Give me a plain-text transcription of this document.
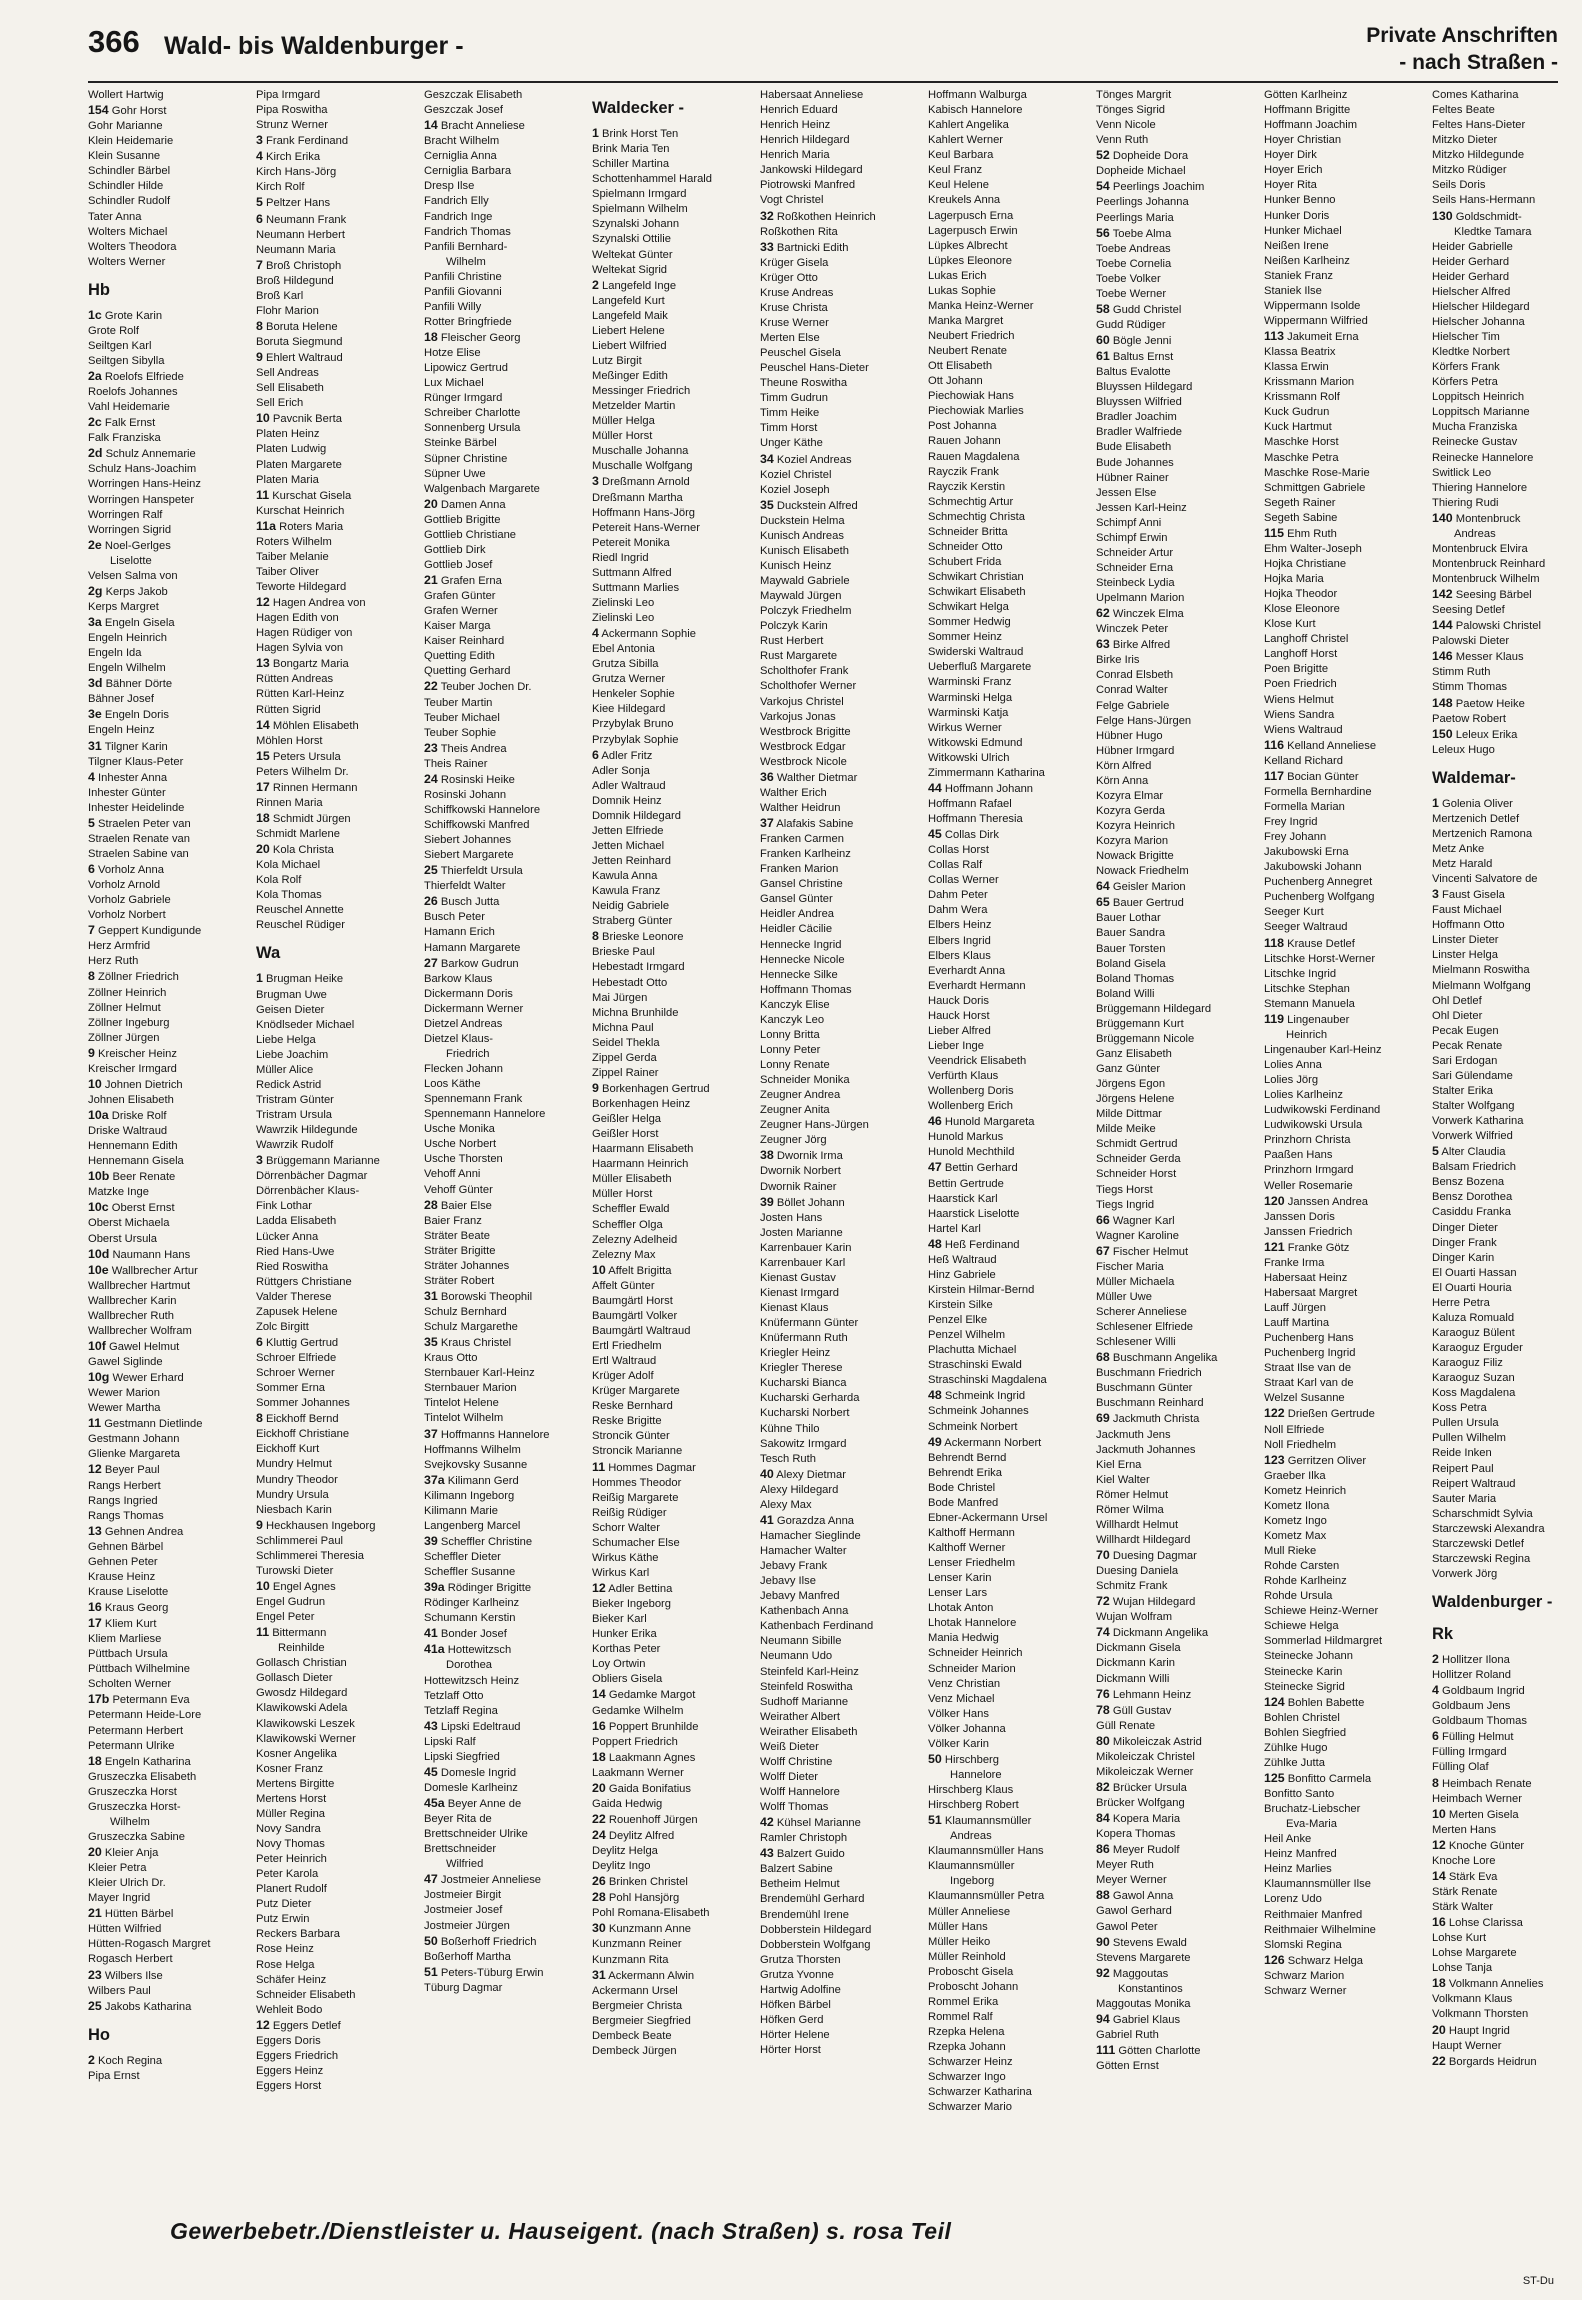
366 Wald- bis Waldenburger -	Private Anschriften
- nach Straßen -
Wollert Hartwig
154 Gohr Horst
Gohr Marianne
Klein Heidemarie
Klein Susanne
Schindler Bärbel
Schindler Hilde
Schindler Rudolf
Tater Anna
Wolters Michael
Wolters Theodora
Wolters Werner
Hb
1c Grote Karin
Grote Rolf
Seiltgen Karl
Seiltgen Sibylla
2a Roelofs Elfriede
Roelofs Johannes
Vahl Heidemarie
2c Falk Ernst
Falk Franziska
2d Schulz Annemarie
Schulz Hans-Joachim
Worringen Hans-Heinz
Worringen Hanspeter
Worringen Ralf
Worringen Sigrid
2e Noel-Gerlges
Liselotte
Velsen Salma von
2g Kerps Jakob
Kerps Margret
3a Engeln Gisela
Engeln Heinrich
Engeln Ida
Engeln Wilhelm
3d Bähner Dörte
Bähner Josef
3e Engeln Doris
Engeln Heinz
31 Tilgner Karin
Tilgner Klaus-Peter
4 Inhester Anna
Inhester Günter
Inhester Heidelinde
5 Straelen Peter van
Straelen Renate van
Straelen Sabine van
6 Vorholz Anna
Vorholz Arnold
Vorholz Gabriele
Vorholz Norbert
7 Geppert Kundigunde
Herz Armfrid
Herz Ruth
8 Zöllner Friedrich
Zöllner Heinrich
Zöllner Helmut
Zöllner Ingeburg
Zöllner Jürgen
9 Kreischer Heinz
Kreischer Irmgard
10 Johnen Dietrich
Johnen Elisabeth
10a Driske Rolf
Driske Waltraud
Hennemann Edith
Hennemann Gisela
10b Beer Renate
Matzke Inge
10c Oberst Ernst
Oberst Michaela
Oberst Ursula
10d Naumann Hans
10e Wallbrecher Artur
Wallbrecher Hartmut
Wallbrecher Karin
Wallbrecher Ruth
Wallbrecher Wolfram
10f Gawel Helmut
Gawel Siglinde
10g Wewer Erhard
Wewer Marion
Wewer Martha
11 Gestmann Dietlinde
Gestmann Johann
Glienke Margareta
12 Beyer Paul
Rangs Herbert
Rangs Ingried
Rangs Thomas
13 Gehnen Andrea
Gehnen Bärbel
Gehnen Peter
Krause Heinz
Krause Liselotte
16 Kraus Georg
17 Kliem Kurt
Kliem Marliese
Püttbach Ursula
Püttbach Wilhelmine
Scholten Werner
17b Petermann Eva
Petermann Heide-Lore
Petermann Herbert
Petermann Ulrike
18 Engeln Katharina
Gruszeczka Elisabeth
Gruszeczka Horst
Gruszeczka Horst-
Wilhelm
Gruszeczka Sabine
20 Kleier Anja
Kleier Petra
Kleier Ulrich Dr.
Mayer Ingrid
21 Hütten Bärbel
Hütten Wilfried
Hütten-Rogasch Margret
Rogasch Herbert
23 Wilbers Ilse
Wilbers Paul
25 Jakobs Katharina
Ho
2 Koch Regina
Pipa Ernst
Pipa Irmgard
Pipa Roswitha
Strunz Werner
3 Frank Ferdinand
4 Kirch Erika
Kirch Hans-Jörg
Kirch Rolf
5 Peltzer Hans
6 Neumann Frank
Neumann Herbert
Neumann Maria
7 Broß Christoph
Broß Hildegund
Broß Karl
Flohr Marion
8 Boruta Helene
Boruta Siegmund
9 Ehlert Waltraud
Sell Andreas
Sell Elisabeth
Sell Erich
10 Pavcnik Berta
Platen Heinz
Platen Ludwig
Platen Margarete
Platen Maria
11 Kurschat Gisela
Kurschat Heinrich
11a Roters Maria
Roters Wilhelm
Taiber Melanie
Taiber Oliver
Teworte Hildegard
12 Hagen Andrea von
Hagen Edith von
Hagen Rüdiger von
Hagen Sylvia von
13 Bongartz Maria
Rütten Andreas
Rütten Karl-Heinz
Rütten Sigrid
14 Möhlen Elisabeth
Möhlen Horst
15 Peters Ursula
Peters Wilhelm Dr.
17 Rinnen Hermann
Rinnen Maria
18 Schmidt Jürgen
Schmidt Marlene
20 Kola Christa
Kola Michael
Kola Rolf
Kola Thomas
Reuschel Annette
Reuschel Rüdiger
Wa
1 Brugman Heike
Brugman Uwe
Geisen Dieter
Knödlseder Michael
Liebe Helga
Liebe Joachim
Müller Alice
Redick Astrid
Tristram Günter
Tristram Ursula
Wawrzik Hildegunde
Wawrzik Rudolf
3 Brüggemann Marianne
Dörrenbächer Dagmar
Dörrenbächer Klaus-
Fink Lothar
Ladda Elisabeth
Lücker Anna
Ried Hans-Uwe
Ried Roswitha
Rüttgers Christiane
Valder Therese
Zapusek Helene
Zolc Birgitt
6 Kluttig Gertrud
Schroer Elfriede
Schroer Werner
Sommer Erna
Sommer Johannes
8 Eickhoff Bernd
Eickhoff Christiane
Eickhoff Kurt
Mundry Helmut
Mundry Theodor
Mundry Ursula
Niesbach Karin
9 Heckhausen Ingeborg
Schlimmerei Paul
Schlimmerei Theresia
Turowski Dieter
10 Engel Agnes
Engel Gudrun
Engel Peter
11 Bittermann
Reinhilde
Gollasch Christian
Gollasch Dieter
Gwosdz Hildegard
Klawikowski Adela
Klawikowski Leszek
Klawikowski Werner
Kosner Angelika
Kosner Franz
Mertens Birgitte
Mertens Horst
Müller Regina
Novy Sandra
Novy Thomas
Peter Heinrich
Peter Karola
Planert Rudolf
Putz Dieter
Putz Erwin
Reckers Barbara
Rose Heinz
Rose Helga
Schäfer Heinz
Schneider Elisabeth
Wehleit Bodo
12 Eggers Detlef
Eggers Doris
Eggers Friedrich
Eggers Heinz
Eggers Horst
Geszczak Elisabeth
Geszczak Josef
14 Bracht Anneliese
Bracht Wilhelm
Cerniglia Anna
Cerniglia Barbara
Dresp Ilse
Fandrich Elly
Fandrich Inge
Fandrich Thomas
Panfili Bernhard-
Wilhelm
Panfili Christine
Panfili Giovanni
Panfili Willy
Rotter Bringfriede
18 Fleischer Georg
Hotze Elise
Lipowicz Gertrud
Lux Michael
Rünger Irmgard
Schreiber Charlotte
Sonnenberg Ursula
Steinke Bärbel
Süpner Christine
Süpner Uwe
Walgenbach Margarete
20 Damen Anna
Gottlieb Brigitte
Gottlieb Christiane
Gottlieb Dirk
Gottlieb Josef
21 Grafen Erna
Grafen Günter
Grafen Werner
Kaiser Marga
Kaiser Reinhard
Quetting Edith
Quetting Gerhard
22 Teuber Jochen Dr.
Teuber Martin
Teuber Michael
Teuber Sophie
23 Theis Andrea
Theis Rainer
24 Rosinski Heike
Rosinski Johann
Schiffkowski Hannelore
Schiffkowski Manfred
Siebert Johannes
Siebert Margarete
25 Thierfeldt Ursula
Thierfeldt Walter
26 Busch Jutta
Busch Peter
Hamann Erich
Hamann Margarete
27 Barkow Gudrun
Barkow Klaus
Dickermann Doris
Dickermann Werner
Dietzel Andreas
Dietzel Klaus-
Friedrich
Flecken Johann
Loos Käthe
Spennemann Frank
Spennemann Hannelore
Usche Monika
Usche Norbert
Usche Thorsten
Vehoff Anni
Vehoff Günter
28 Baier Else
Baier Franz
Sträter Beate
Sträter Brigitte
Sträter Johannes
Sträter Robert
31 Borowski Theophil
Schulz Bernhard
Schulz Margarethe
35 Kraus Christel
Kraus Otto
Sternbauer Karl-Heinz
Sternbauer Marion
Tintelot Helene
Tintelot Wilhelm
37 Hoffmanns Hannelore
Hoffmanns Wilhelm
Svejkovsky Susanne
37a Kilimann Gerd
Kilimann Ingeborg
Kilimann Marie
Langenberg Marcel
39 Scheffler Christine
Scheffler Dieter
Scheffler Susanne
39a Rödinger Brigitte
Rödinger Karlheinz
Schumann Kerstin
41 Bonder Josef
41a Hottewitzsch
Dorothea
Hottewitzsch Heinz
Tetzlaff Otto
Tetzlaff Regina
43 Lipski Edeltraud
Lipski Ralf
Lipski Siegfried
45 Domesle Ingrid
Domesle Karlheinz
45a Beyer Anne de
Beyer Rita de
Brettschneider Ulrike
Brettschneider
Wilfried
47 Jostmeier Anneliese
Jostmeier Birgit
Jostmeier Josef
Jostmeier Jürgen
50 Boßerhoff Friedrich
Boßerhoff Martha
51 Peters-Tüburg Erwin
Tüburg Dagmar
Waldecker -
1 Brink Horst Ten
Brink Maria Ten
Schiller Martina
Schottenhammel Harald
Spielmann Irmgard
Spielmann Wilhelm
Szynalski Johann
Szynalski Ottilie
Weltekat Günter
Weltekat Sigrid
2 Langefeld Inge
Langefeld Kurt
Langefeld Maik
Liebert Helene
Liebert Wilfried
Lutz Birgit
Meßinger Edith
Messinger Friedrich
Metzelder Martin
Müller Helga
Müller Horst
Muschalle Johanna
Muschalle Wolfgang
3 Dreßmann Arnold
Dreßmann Martha
Hoffmann Hans-Jörg
Petereit Hans-Werner
Petereit Monika
Riedl Ingrid
Suttmann Alfred
Suttmann Marlies
Zielinski Leo
Zielinski Leo
4 Ackermann Sophie
Ebel Antonia
Grutza Sibilla
Grutza Werner
Henkeler Sophie
Kiee Hildegard
Przybylak Bruno
Przybylak Sophie
6 Adler Fritz
Adler Sonja
Adler Waltraud
Domnik Heinz
Domnik Hildegard
Jetten Elfriede
Jetten Michael
Jetten Reinhard
Kawula Anna
Kawula Franz
Neidig Gabriele
Straberg Günter
8 Brieske Leonore
Brieske Paul
Hebestadt Irmgard
Hebestadt Otto
Mai Jürgen
Michna Brunhilde
Michna Paul
Seidel Thekla
Zippel Gerda
Zippel Rainer
9 Borkenhagen Gertrud
Borkenhagen Heinz
Geißler Helga
Geißler Horst
Haarmann Elisabeth
Haarmann Heinrich
Müller Elisabeth
Müller Horst
Scheffler Ewald
Scheffler Olga
Zelezny Adelheid
Zelezny Max
10 Affelt Brigitta
Affelt Günter
Baumgärtl Horst
Baumgärtl Volker
Baumgärtl Waltraud
Ertl Friedhelm
Ertl Waltraud
Krüger Adolf
Krüger Margarete
Reske Bernhard
Reske Brigitte
Stroncik Günter
Stroncik Marianne
11 Hommes Dagmar
Hommes Theodor
Reißig Margarete
Reißig Rüdiger
Schorr Walter
Schumacher Else
Wirkus Käthe
Wirkus Karl
12 Adler Bettina
Bieker Ingeborg
Bieker Karl
Hunker Erika
Korthas Peter
Loy Ortwin
Obliers Gisela
14 Gedamke Margot
Gedamke Wilhelm
16 Poppert Brunhilde
Poppert Friedrich
18 Laakmann Agnes
Laakmann Werner
20 Gaida Bonifatius
Gaida Hedwig
22 Rouenhoff Jürgen
24 Deylitz Alfred
Deylitz Helga
Deylitz Ingo
26 Brinken Christel
28 Pohl Hansjörg
Pohl Romana-Elisabeth
30 Kunzmann Anne
Kunzmann Reiner
Kunzmann Rita
31 Ackermann Alwin
Ackermann Ursel
Bergmeier Christa
Bergmeier Siegfried
Dembeck Beate
Dembeck Jürgen
Habersaat Anneliese
Henrich Eduard
Henrich Heinz
Henrich Hildegard
Henrich Maria
Jankowski Hildegard
Piotrowski Manfred
Vogt Christel
32 Roßkothen Heinrich
Roßkothen Rita
33 Bartnicki Edith
Krüger Gisela
Krüger Otto
Kruse Andreas
Kruse Christa
Kruse Werner
Merten Else
Peuschel Gisela
Peuschel Hans-Dieter
Theune Roswitha
Timm Gudrun
Timm Heike
Timm Horst
Unger Käthe
34 Koziel Andreas
Koziel Christel
Koziel Joseph
35 Duckstein Alfred
Duckstein Helma
Kunisch Andreas
Kunisch Elisabeth
Kunisch Heinz
Maywald Gabriele
Maywald Jürgen
Polczyk Friedhelm
Polczyk Karin
Rust Herbert
Rust Margarete
Scholthofer Frank
Scholthofer Werner
Varkojus Christel
Varkojus Jonas
Westbrock Brigitte
Westbrock Edgar
Westbrock Nicole
36 Walther Dietmar
Walther Erich
Walther Heidrun
37 Alafakis Sabine
Franken Carmen
Franken Karlheinz
Franken Marion
Gansel Christine
Gansel Günter
Heidler Andrea
Heidler Cäcilie
Hennecke Ingrid
Hennecke Nicole
Hennecke Silke
Hoffmann Thomas
Kanczyk Elise
Kanczyk Leo
Lonny Britta
Lonny Peter
Lonny Renate
Schneider Monika
Zeugner Andrea
Zeugner Anita
Zeugner Hans-Jürgen
Zeugner Jörg
38 Dwornik Irma
Dwornik Norbert
Dwornik Rainer
39 Böllet Johann
Josten Hans
Josten Marianne
Karrenbauer Karin
Karrenbauer Karl
Kienast Gustav
Kienast Irmgard
Kienast Klaus
Knüfermann Günter
Knüfermann Ruth
Kriegler Heinz
Kriegler Therese
Kucharski Bianca
Kucharski Gerharda
Kucharski Norbert
Kühne Thilo
Sakowitz Irmgard
Tesch Ruth
40 Alexy Dietmar
Alexy Hildegard
Alexy Max
41 Gorazdza Anna
Hamacher Sieglinde
Hamacher Walter
Jebavy Frank
Jebavy Ilse
Jebavy Manfred
Kathenbach Anna
Kathenbach Ferdinand
Neumann Sibille
Neumann Udo
Steinfeld Karl-Heinz
Steinfeld Roswitha
Sudhoff Marianne
Weirather Albert
Weirather Elisabeth
Weiß Dieter
Wolff Christine
Wolff Dieter
Wolff Hannelore
Wolff Thomas
42 Kühsel Marianne
Ramler Christoph
43 Balzert Guido
Balzert Sabine
Betheim Helmut
Brendemühl Gerhard
Brendemühl Irene
Dobberstein Hildegard
Dobberstein Wolfgang
Grutza Thorsten
Grutza Yvonne
Hartwig Adolfine
Höfken Bärbel
Höfken Gerd
Hörter Helene
Hörter Horst
Hoffmann Walburga
Kabisch Hannelore
Kahlert Angelika
Kahlert Werner
Keul Barbara
Keul Franz
Keul Helene
Kreukels Anna
Lagerpusch Erna
Lagerpusch Erwin
Lüpkes Albrecht
Lüpkes Eleonore
Lukas Erich
Lukas Sophie
Manka Heinz-Werner
Manka Margret
Neubert Friedrich
Neubert Renate
Ott Elisabeth
Ott Johann
Piechowiak Hans
Piechowiak Marlies
Post Johanna
Rauen Johann
Rauen Magdalena
Rayczik Frank
Rayczik Kerstin
Schmechtig Artur
Schmechtig Christa
Schneider Britta
Schneider Otto
Schubert Frida
Schwikart Christian
Schwikart Elisabeth
Schwikart Helga
Sommer Hedwig
Sommer Heinz
Swiderski Waltraud
Ueberfluß Margarete
Warminski Franz
Warminski Helga
Warminski Katja
Wirkus Werner
Witkowski Edmund
Witkowski Ulrich
Zimmermann Katharina
44 Hoffmann Johann
Hoffmann Rafael
Hoffmann Theresia
45 Collas Dirk
Collas Horst
Collas Ralf
Collas Werner
Dahm Peter
Dahm Wera
Elbers Heinz
Elbers Ingrid
Elbers Klaus
Everhardt Anna
Everhardt Hermann
Hauck Doris
Hauck Horst
Lieber Alfred
Lieber Inge
Veendrick Elisabeth
Verfürth Klaus
Wollenberg Doris
Wollenberg Erich
46 Hunold Margareta
Hunold Markus
Hunold Mechthild
47 Bettin Gerhard
Bettin Gertrude
Haarstick Karl
Haarstick Liselotte
Hartel Karl
48 Heß Ferdinand
Heß Waltraud
Hinz Gabriele
Kirstein Hilmar-Bernd
Kirstein Silke
Penzel Elke
Penzel Wilhelm
Plachutta Michael
Straschinski Ewald
Straschinski Magdalena
48 Schmeink Ingrid
Schmeink Johannes
Schmeink Norbert
49 Ackermann Norbert
Behrendt Bernd
Behrendt Erika
Bode Christel
Bode Manfred
Ebner-Ackermann Ursel
Kalthoff Hermann
Kalthoff Werner
Lenser Friedhelm
Lenser Karin
Lenser Lars
Lhotak Anton
Lhotak Hannelore
Mania Hedwig
Schneider Heinrich
Schneider Marion
Venz Christian
Venz Michael
Völker Hans
Völker Johanna
Völker Karin
50 Hirschberg
Hannelore
Hirschberg Klaus
Hirschberg Robert
51 Klaumannsmüller
Andreas
Klaumannsmüller Hans
Klaumannsmüller
Ingeborg
Klaumannsmüller Petra
Müller Anneliese
Müller Hans
Müller Heiko
Müller Reinhold
Proboscht Gisela
Proboscht Johann
Rommel Erika
Rommel Ralf
Rzepka Helena
Rzepka Johann
Schwarzer Heinz
Schwarzer Ingo
Schwarzer Katharina
Schwarzer Mario
Tönges Margrit
Tönges Sigrid
Venn Nicole
Venn Ruth
52 Dopheide Dora
Dopheide Michael
54 Peerlings Joachim
Peerlings Johanna
Peerlings Maria
56 Toebe Alma
Toebe Andreas
Toebe Cornelia
Toebe Volker
Toebe Werner
58 Gudd Christel
Gudd Rüdiger
60 Bögle Jenni
61 Baltus Ernst
Baltus Evalotte
Bluyssen Hildegard
Bluyssen Wilfried
Bradler Joachim
Bradler Walfriede
Bude Elisabeth
Bude Johannes
Hübner Rainer
Jessen Else
Jessen Karl-Heinz
Schimpf Anni
Schimpf Erwin
Schneider Artur
Schneider Erna
Steinbeck Lydia
Upelmann Marion
62 Winczek Elma
Winczek Peter
63 Birke Alfred
Birke Iris
Conrad Elsbeth
Conrad Walter
Felge Gabriele
Felge Hans-Jürgen
Hübner Hugo
Hübner Irmgard
Körn Alfred
Körn Anna
Kozyra Elmar
Kozyra Gerda
Kozyra Heinrich
Kozyra Marion
Nowack Brigitte
Nowack Friedhelm
64 Geisler Marion
65 Bauer Gertrud
Bauer Lothar
Bauer Sandra
Bauer Torsten
Boland Gisela
Boland Thomas
Boland Willi
Brüggemann Hildegard
Brüggemann Kurt
Brüggemann Nicole
Ganz Elisabeth
Ganz Günter
Jörgens Egon
Jörgens Helene
Milde Dittmar
Milde Meike
Schmidt Gertrud
Schneider Gerda
Schneider Horst
Tiegs Horst
Tiegs Ingrid
66 Wagner Karl
Wagner Karoline
67 Fischer Helmut
Fischer Maria
Müller Michaela
Müller Uwe
Scherer Anneliese
Schlesener Elfriede
Schlesener Willi
68 Buschmann Angelika
Buschmann Friedrich
Buschmann Günter
Buschmann Reinhard
69 Jackmuth Christa
Jackmuth Jens
Jackmuth Johannes
Kiel Erna
Kiel Walter
Römer Helmut
Römer Wilma
Willhardt Helmut
Willhardt Hildegard
70 Duesing Dagmar
Duesing Daniela
Schmitz Frank
72 Wujan Hildegard
Wujan Wolfram
74 Dickmann Angelika
Dickmann Gisela
Dickmann Karin
Dickmann Willi
76 Lehmann Heinz
78 Güll Gustav
Güll Renate
80 Mikoleiczak Astrid
Mikoleiczak Christel
Mikoleiczak Werner
82 Brücker Ursula
Brücker Wolfgang
84 Kopera Maria
Kopera Thomas
86 Meyer Rudolf
Meyer Ruth
Meyer Werner
88 Gawol Anna
Gawol Gerhard
Gawol Peter
90 Stevens Ewald
Stevens Margarete
92 Maggoutas
Konstantinos
Maggoutas Monika
94 Gabriel Klaus
Gabriel Ruth
111 Götten Charlotte
Götten Ernst
Götten Karlheinz
Hoffmann Brigitte
Hoffmann Joachim
Hoyer Christian
Hoyer Dirk
Hoyer Erich
Hoyer Rita
Hunker Benno
Hunker Doris
Hunker Michael
Neißen Irene
Neißen Karlheinz
Staniek Franz
Staniek Ilse
Wippermann Isolde
Wippermann Wilfried
113 Jakumeit Erna
Klassa Beatrix
Klassa Erwin
Krissmann Marion
Krissmann Rolf
Kuck Gudrun
Kuck Hartmut
Maschke Horst
Maschke Petra
Maschke Rose-Marie
Schmittgen Gabriele
Segeth Rainer
Segeth Sabine
115 Ehm Ruth
Ehm Walter-Joseph
Hojka Christiane
Hojka Maria
Hojka Theodor
Klose Eleonore
Klose Kurt
Langhoff Christel
Langhoff Horst
Poen Brigitte
Poen Friedrich
Wiens Helmut
Wiens Sandra
Wiens Waltraud
116 Kelland Anneliese
Kelland Richard
117 Bocian Günter
Formella Bernhardine
Formella Marian
Frey Ingrid
Frey Johann
Jakubowski Erna
Jakubowski Johann
Puchenberg Annegret
Puchenberg Wolfgang
Seeger Kurt
Seeger Waltraud
118 Krause Detlef
Litschke Horst-Werner
Litschke Ingrid
Litschke Stephan
Stemann Manuela
119 Lingenauber
Heinrich
Lingenauber Karl-Heinz
Lolies Anna
Lolies Jörg
Lolies Karlheinz
Ludwikowski Ferdinand
Ludwikowski Ursula
Prinzhorn Christa
Paaßen Hans
Prinzhorn Irmgard
Weller Rosemarie
120 Janssen Andrea
Janssen Doris
Janssen Friedrich
121 Franke Götz
Franke Irma
Habersaat Heinz
Habersaat Margret
Lauff Jürgen
Lauff Martina
Puchenberg Hans
Puchenberg Ingrid
Straat Ilse van de
Straat Karl van de
Welzel Susanne
122 Drießen Gertrude
Noll Elfriede
Noll Friedhelm
123 Gerritzen Oliver
Graeber Ilka
Kometz Heinrich
Kometz Ilona
Kometz Ingo
Kometz Max
Mull Rieke
Rohde Carsten
Rohde Karlheinz
Rohde Ursula
Schiewe Heinz-Werner
Schiewe Helga
Sommerlad Hildmargret
Steinecke Johann
Steinecke Karin
Steinecke Sigrid
124 Bohlen Babette
Bohlen Christel
Bohlen Siegfried
Zühlke Hugo
Zühlke Jutta
125 Bonfitto Carmela
Bonfitto Santo
Bruchatz-Liebscher
Eva-Maria
Heil Anke
Heinz Manfred
Heinz Marlies
Klaumannsmüller Ilse
Lorenz Udo
Reithmaier Manfred
Reithmaier Wilhelmine
Slomski Regina
126 Schwarz Helga
Schwarz Marion
Schwarz Werner
Comes Katharina
Feltes Beate
Feltes Hans-Dieter
Mitzko Dieter
Mitzko Hildegunde
Mitzko Rüdiger
Seils Doris
Seils Hans-Hermann
130 Goldschmidt-
Kledtke Tamara
Heider Gabrielle
Heider Gerhard
Heider Gerhard
Hielscher Alfred
Hielscher Hildegard
Hielscher Johanna
Hielscher Tim
Kledtke Norbert
Körfers Frank
Körfers Petra
Loppitsch Heinrich
Loppitsch Marianne
Mucha Franziska
Reinecke Gustav
Reinecke Hannelore
Switlick Leo
Thiering Hannelore
Thiering Rudi
140 Montenbruck
Andreas
Montenbruck Elvira
Montenbruck Reinhard
Montenbruck Wilhelm
142 Seesing Bärbel
Seesing Detlef
144 Palowski Christel
Palowski Dieter
146 Messer Klaus
Stimm Ruth
Stimm Thomas
148 Paetow Heike
Paetow Robert
150 Leleux Erika
Leleux Hugo
Waldemar-
1 Golenia Oliver
Mertzenich Detlef
Mertzenich Ramona
Metz Anke
Metz Harald
Vincenti Salvatore de
3 Faust Gisela
Faust Michael
Hoffmann Otto
Linster Dieter
Linster Helga
Mielmann Roswitha
Mielmann Wolfgang
Ohl Detlef
Ohl Dieter
Pecak Eugen
Pecak Renate
Sari Erdogan
Sari Gülendame
Stalter Erika
Stalter Wolfgang
Vorwerk Katharina
Vorwerk Wilfried
5 Alter Claudia
Balsam Friedrich
Bensz Bozena
Bensz Dorothea
Casiddu Franka
Dinger Dieter
Dinger Frank
Dinger Karin
El Ouarti Hassan
El Ouarti Houria
Herre Petra
Kaluza Romuald
Karaoguz Bülent
Karaoguz Erguder
Karaoguz Filiz
Karaoguz Suzan
Koss Magdalena
Koss Petra
Pullen Ursula
Pullen Wilhelm
Reide Inken
Reipert Paul
Reipert Waltraud
Sauter Maria
Scharschmidt Sylvia
Starczewski Alexandra
Starczewski Detlef
Starczewski Regina
Vorwerk Jörg
Waldenburger -
Rk
2 Hollitzer Ilona
Hollitzer Roland
4 Goldbaum Ingrid
Goldbaum Jens
Goldbaum Thomas
6 Fülling Helmut
Fülling Irmgard
Fülling Olaf
8 Heimbach Renate
Heimbach Werner
10 Merten Gisela
Merten Hans
12 Knoche Günter
Knoche Lore
14 Stärk Eva
Stärk Renate
Stärk Walter
16 Lohse Clarissa
Lohse Kurt
Lohse Margarete
Lohse Tanja
18 Volkmann Annelies
Volkmann Klaus
Volkmann Thorsten
20 Haupt Ingrid
Haupt Werner
22 Borgards Heidrun
Gewerbebetr./Dienstleister u. Hauseigent. (nach Straßen) s. rosa Teil
ST-Du
